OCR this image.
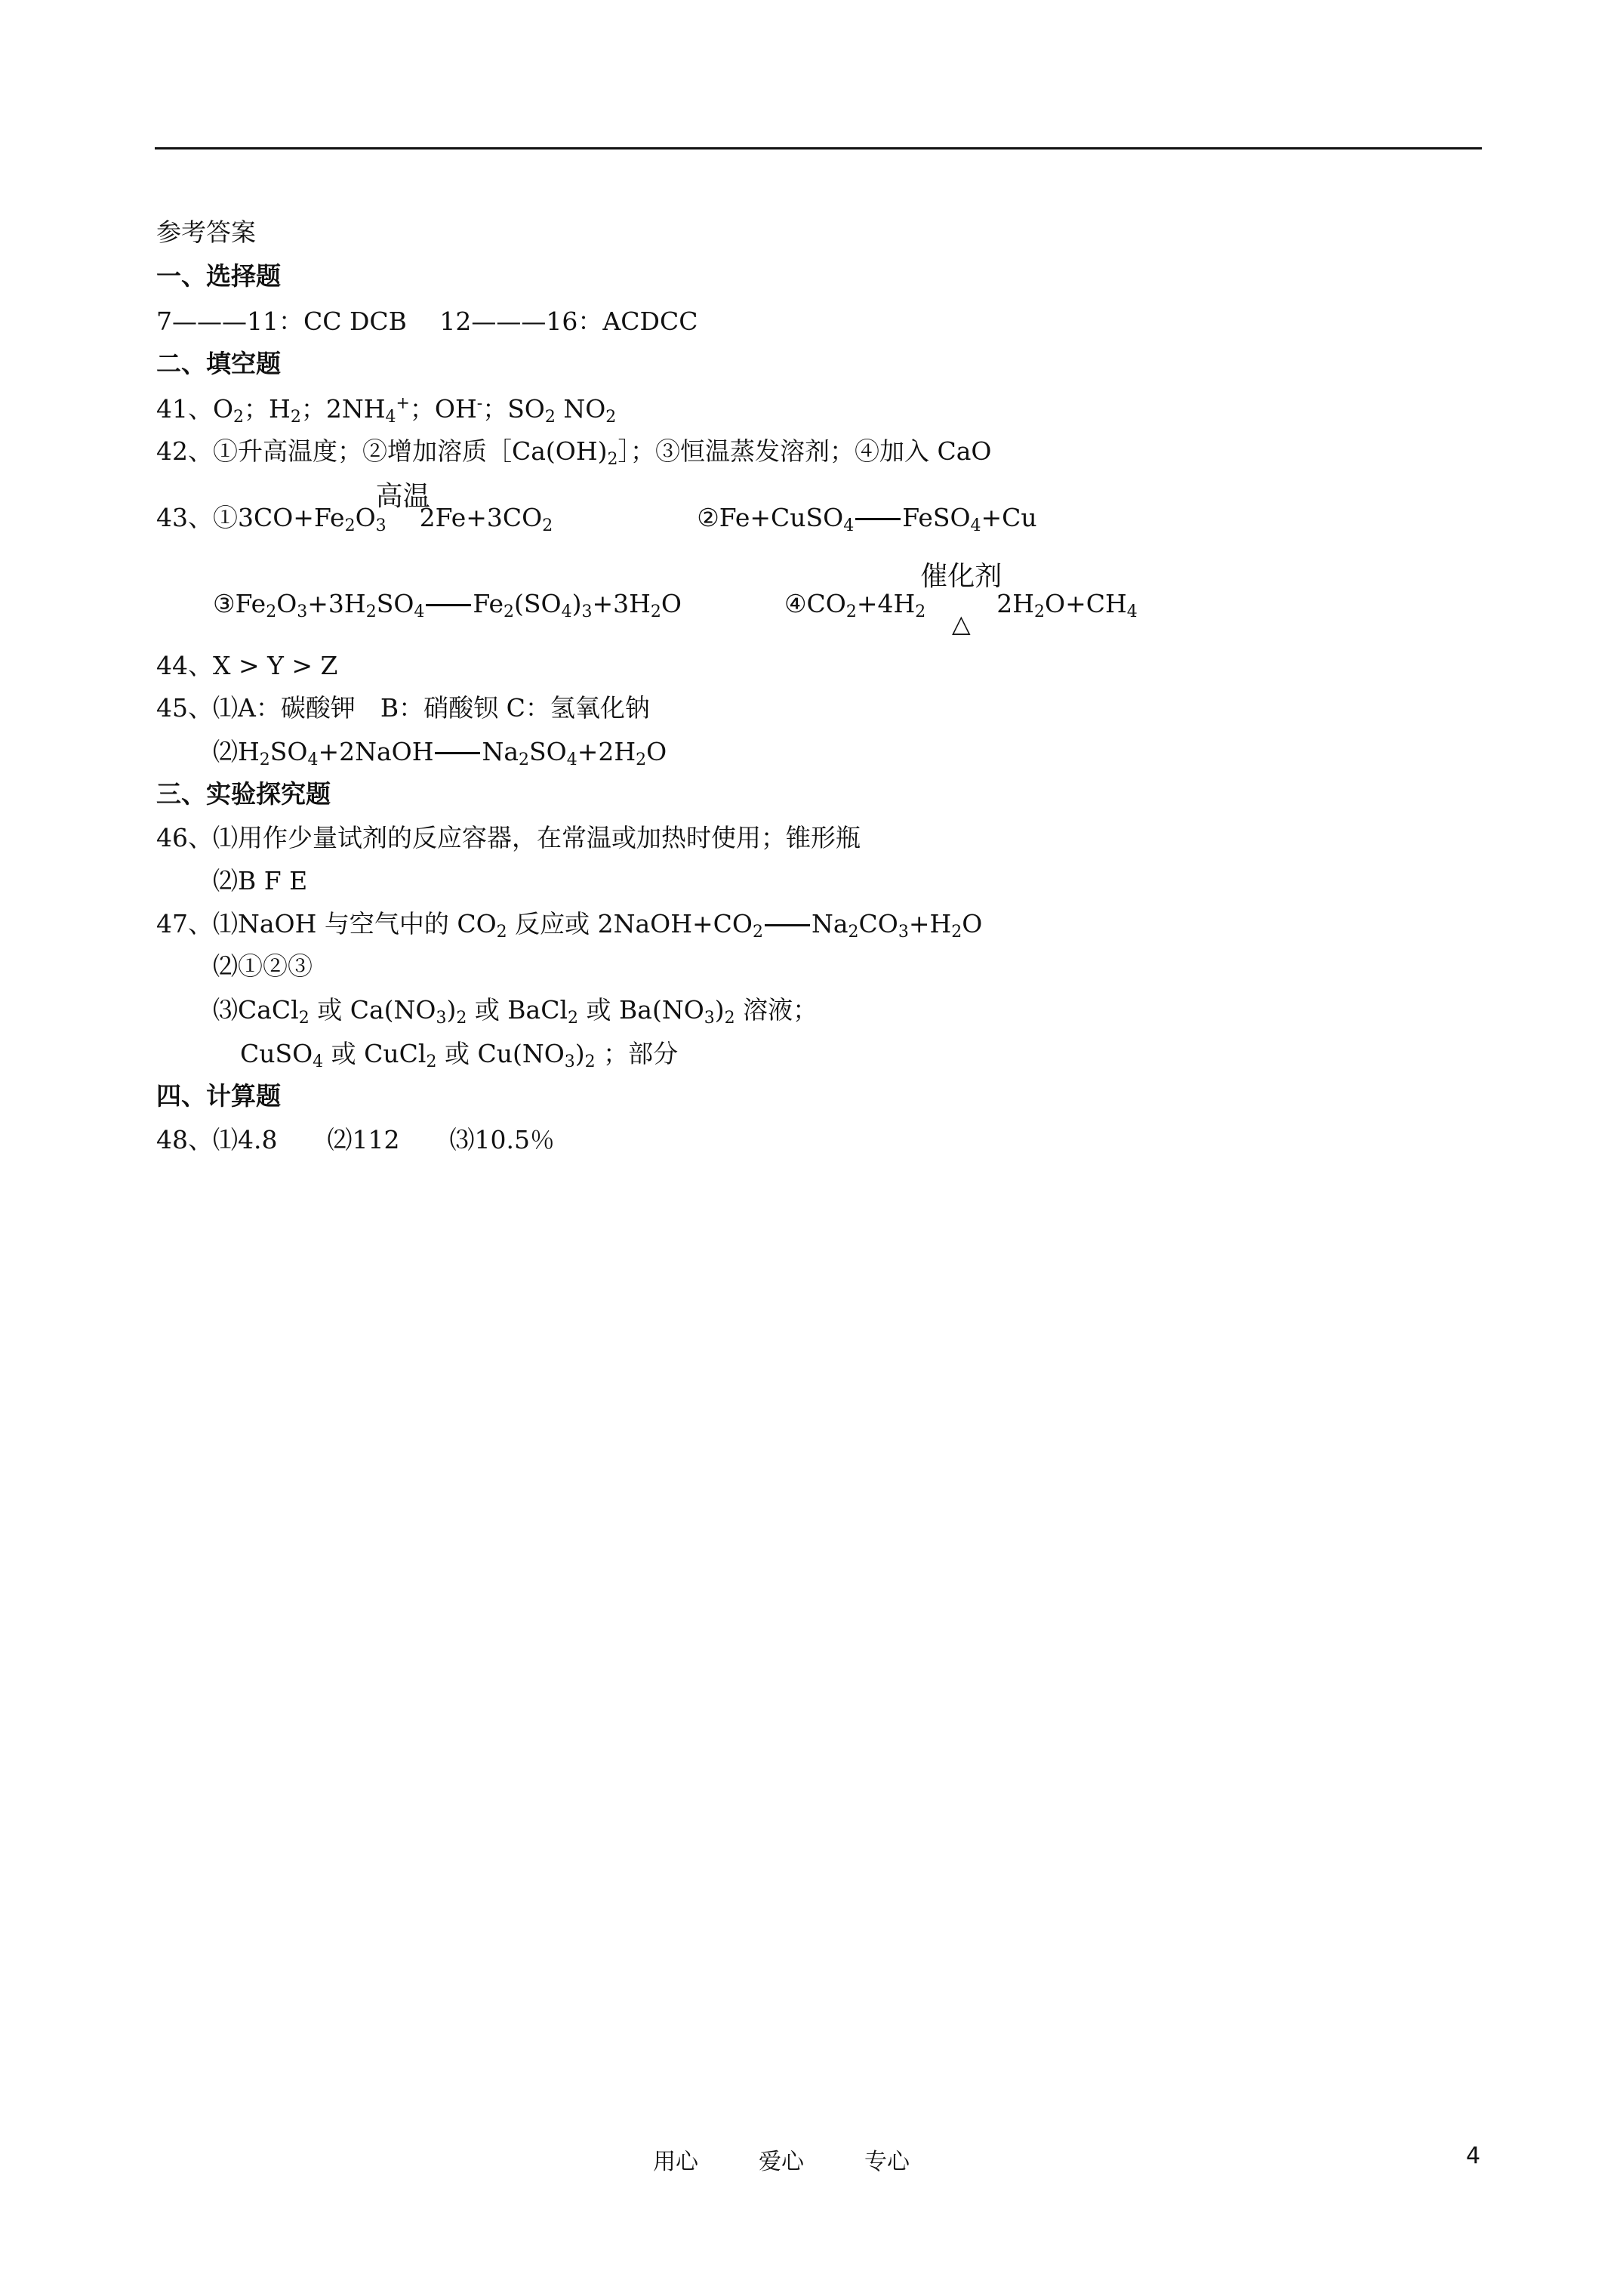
参考答案
一、选择题
7———11：CC DCB　 12———16：ACDCC
二、填空题
41、$O_2$；$H_2$；$2NH_4^+$；OH-；$SO_2$ $NO_2$
42、①升高温度；②增加溶质$[Ca(OH)_2]$；③恒温蒸发溶剂；④加入 CaO
43、$①3CO+Fe_2O_3$
高温
$2Fe+3CO_2$	②Fe+CuSO$_4$ FeSO$_4$+Cu
$③Fe_2O_3+3H_2SO_4$ $Fe_2(SO_4)_3+3H_2O$	$④CO_2+4H_2$
催化剂
△
$2H_2O+CH_4$
44、X > Y > Z
45、⑴A：碳酸钾　B：硝酸钡 C：氢氧化钠
$⑵H_2SO_4+2NaOH$ $Na_2SO_4+2H_2O$
三、实验探究题
46、⑴用作少量试剂的反应容器，在常温或加热时使用；锥形瓶
⑵B F E
47、⑴NaOH 与空气中的 $CO_2$ 反应或 $2NaOH+CO_2$ $Na_2CO_3+H_2O$
⑵①②③
⑶CaCl$_2$ 或 $Ca(NO_3)_2$ 或 BaCl$_2$ 或 $Ba(NO_3)_2$ 溶液；
CuSO$_4$ 或 CuCl$_2$ 或 $Cu(NO_3)_2$ ；部分
四、计算题
48、⑴4.8　　⑵112　　⑶10.5％
用心	爱心	专心	4
